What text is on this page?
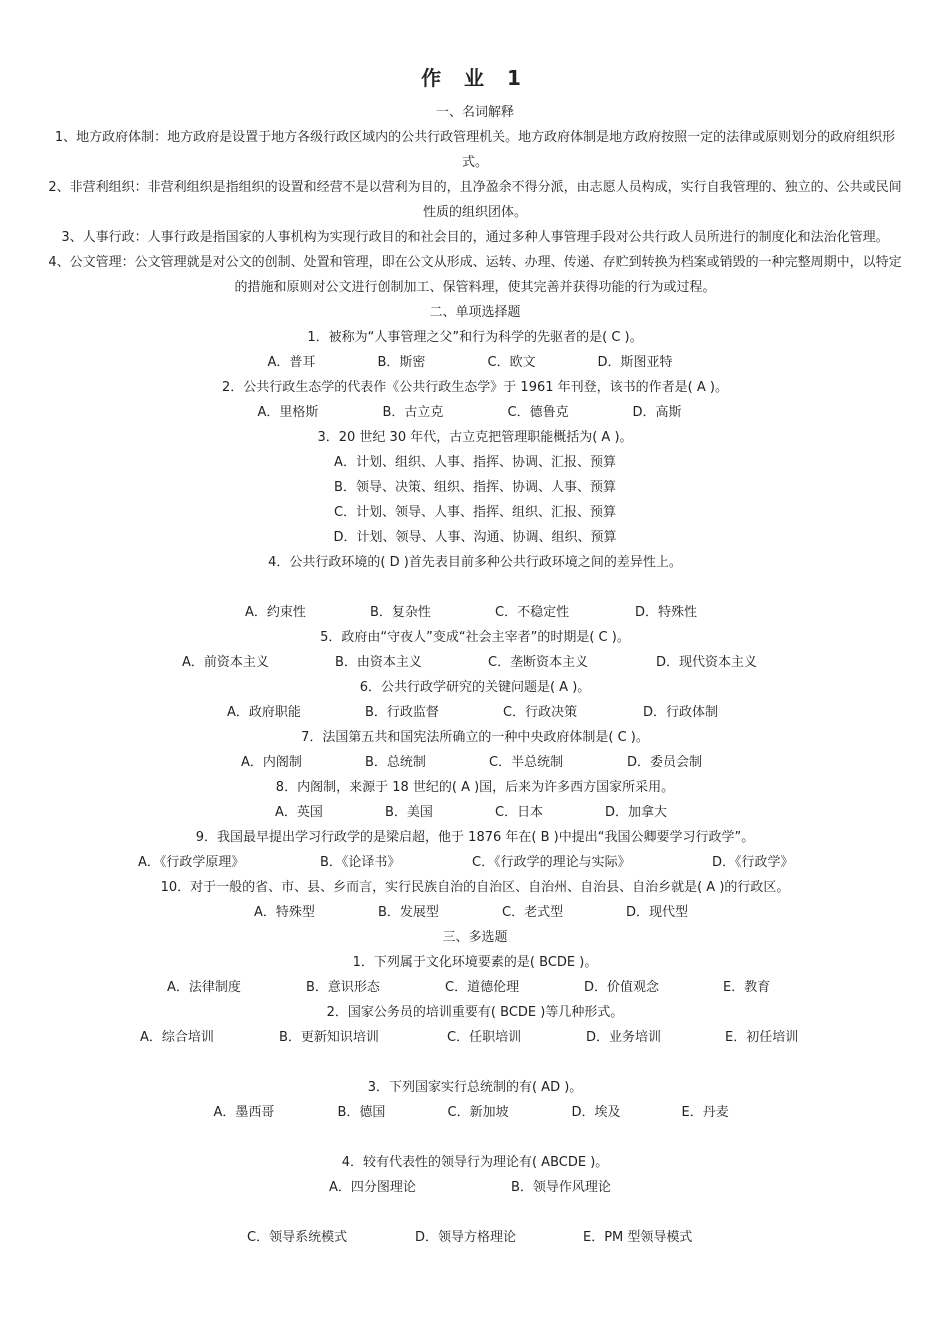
作 业 1
一、名词解释
1、地方政府体制：地方政府是设置于地方各级行政区域内的公共行政管理机关。地方政府体制是地方政府按照一定的法律或原则划分的政府组织形式。
2、非营利组织：非营利组织是指组织的设置和经营不是以营利为目的，且净盈余不得分派，由志愿人员构成，实行自我管理的、独立的、公共或民间性质的组织团体。
3、人事行政：人事行政是指国家的人事机构为实现行政目的和社会目的，通过多种人事管理手段对公共行政人员所进行的制度化和法治化管理。
4、公文管理：公文管理就是对公文的创制、处置和管理，即在公文从形成、运转、办理、传递、存贮到转换为档案或销毁的一种完整周期中，以特定的措施和原则对公文进行创制加工、保管料理，使其完善并获得功能的行为或过程。
二、单项选择题
1．被称为“人事管理之父”和行为科学的先驱者的是( C )。
A．普耳	B．斯密	C．欧文	D．斯图亚特
2．公共行政生态学的代表作《公共行政生态学》于 1961 年刊登，该书的作者是( A )。
A．里格斯	B．古立克	C．德鲁克	D．高斯
3．20 世纪 30 年代，古立克把管理职能概括为( A )。
A．计划、组织、人事、指挥、协调、汇报、预算
B．领导、决策、组织、指挥、协调、人事、预算
C．计划、领导、人事、指挥、组织、汇报、预算
D．计划、领导、人事、沟通、协调、组织、预算
4．公共行政环境的( D )首先表目前多种公共行政环境之间的差异性上。
A．约束性	B．复杂性	C．不稳定性	D．特殊性
5．政府由“守夜人”变成“社会主宰者”的时期是( C )。
A．前资本主义	B．由资本主义	C．垄断资本主义	D．现代资本主义
6．公共行政学研究的关键问题是( A )。
A．政府职能	B．行政监督	C．行政决策	D．行政体制
7．法国第五共和国宪法所确立的一种中央政府体制是( C )。
A．内阁制	B．总统制	C．半总统制	D．委员会制
8．内阁制，来源于 18 世纪的( A )国，后来为许多西方国家所采用。
A．英国	B．美国	C．日本	D．加拿大
9．我国最早提出学习行政学的是梁启超，他于 1876 年在( B )中提出“我国公卿要学习行政学”。
A．《行政学原理》	B．《论译书》	C．《行政学的理论与实际》	D．《行政学》
10．对于一般的省、市、县、乡而言，实行民族自治的自治区、自治州、自治县、自治乡就是( A )的行政区。
A．特殊型	B．发展型	C．老式型	D．现代型
三、多选题
1．下列属于文化环境要素的是( BCDE )。
A．法律制度	B．意识形态	C．道德伦理	D．价值观念	E．教育
2．国家公务员的培训重要有( BCDE )等几种形式。
A．综合培训	B．更新知识培训	C．任职培训	D．业务培训	E．初任培训
3．下列国家实行总统制的有( AD )。
A．墨西哥	B．德国	C．新加坡	D．埃及	E．丹麦
4．较有代表性的领导行为理论有( ABCDE )。
A．四分图理论	B．领导作风理论
C．领导系统模式	D．领导方格理论	E．PM 型领导模式
